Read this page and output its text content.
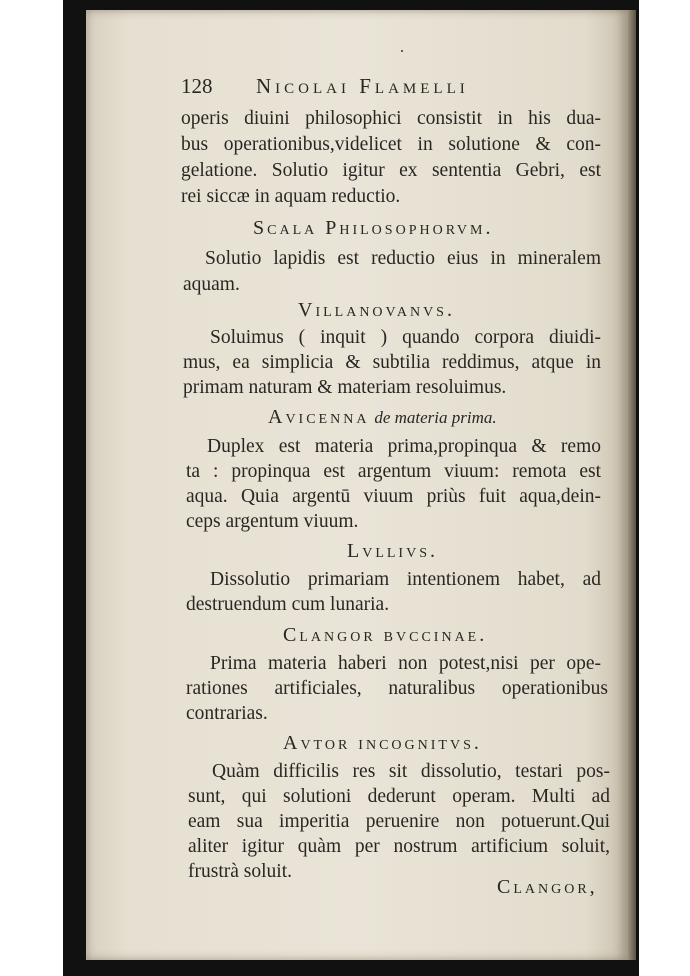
128 Nicolai Flamelli
operis diuini philosophici consistit in his dua-
bus operationibus,videlicet in solutione & con-
gelatione. Solutio igitur ex sententia Gebri, est
rei siccæ in aquam reductio.
Scala Philosophorvm.
Solutio lapidis est reductio eius in mineralem
aquam.
Villanovanvs.
Soluimus ( inquit ) quando corpora diuidi-
mus, ea simplicia & subtilia reddimus, atque in
primam naturam & materiam resoluimus.
Avicenna de materia prima.
Duplex est materia prima,propinqua & remo
ta : propinqua est argentum viuum: remota est
aqua. Quia argentū viuum priùs fuit aqua,dein-
ceps argentum viuum.
Lvllivs.
Dissolutio primariam intentionem habet, ad
destruendum cum lunaria.
Clangor bvccinae.
Prima materia haberi non potest,nisi per ope-
rationes artificiales, naturalibus operationibus
contrarias.
Avtor incognitvs.
Quàm difficilis res sit dissolutio, testari pos-
sunt, qui solutioni dederunt operam. Multi ad
eam sua imperitia peruenire non potuerunt.Qui
aliter igitur quàm per nostrum artificium soluit,
frustrà soluit.
Clangor,
